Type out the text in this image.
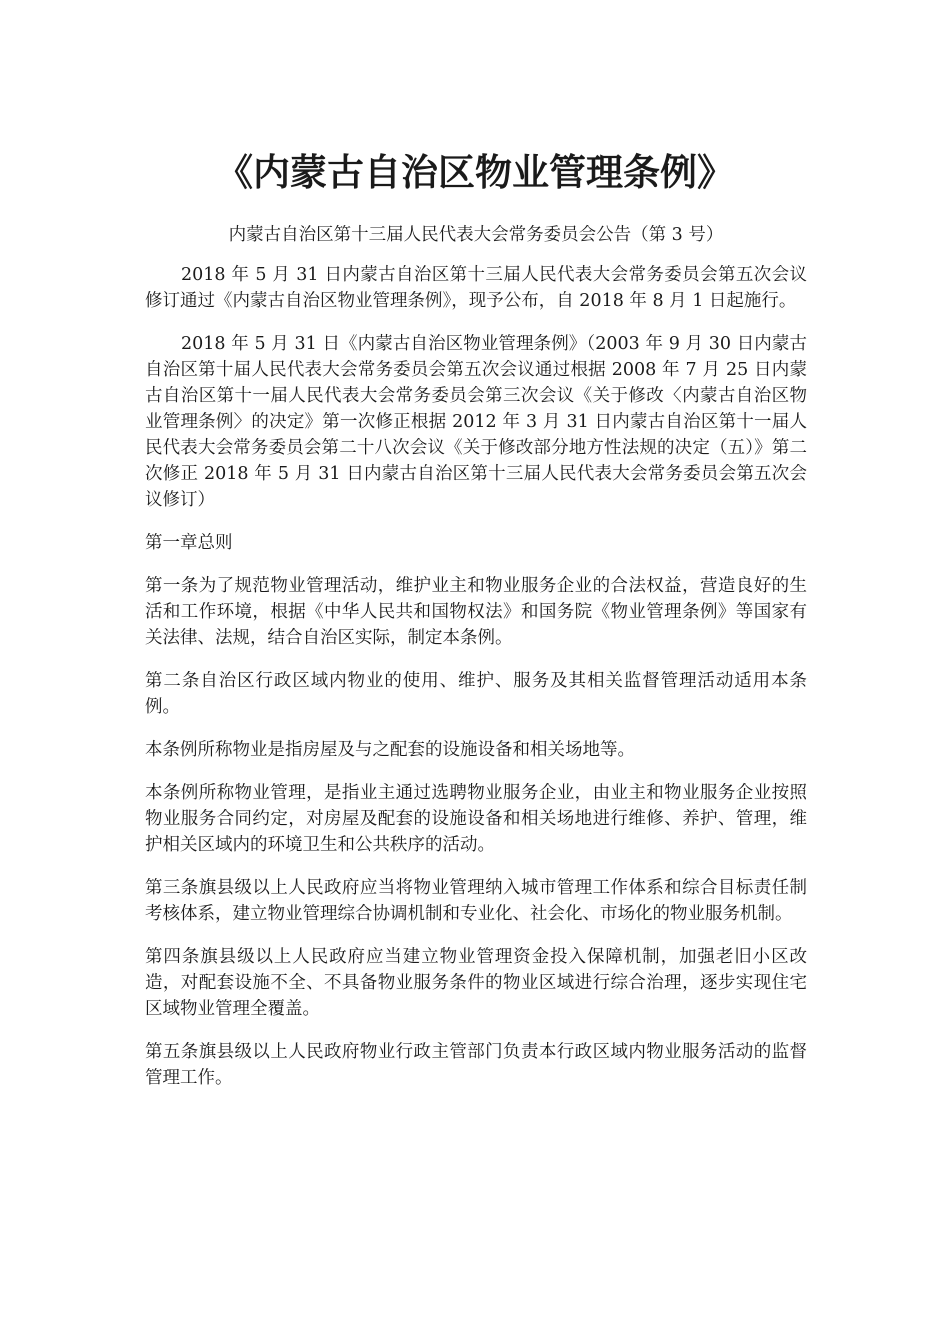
《内蒙古自治区物业管理条例》

内蒙古自治区第十三届人民代表大会常务委员会公告（第 3 号）

2018 年 5 月 31 日内蒙古自治区第十三届人民代表大会常务委员会第五次会议修订通过《内蒙古自治区物业管理条例》，现予公布，自 2018 年 8 月 1 日起施行。

2018 年 5 月 31 日《内蒙古自治区物业管理条例》（2003 年 9 月 30 日内蒙古自治区第十届人民代表大会常务委员会第五次会议通过根据 2008 年 7 月 25 日内蒙古自治区第十一届人民代表大会常务委员会第三次会议《关于修改〈内蒙古自治区物业管理条例〉的决定》第一次修正根据 2012 年 3 月 31 日内蒙古自治区第十一届人民代表大会常务委员会第二十八次会议《关于修改部分地方性法规的决定（五）》第二次修正 2018 年 5 月 31 日内蒙古自治区第十三届人民代表大会常务委员会第五次会议修订）

第一章总则

第一条为了规范物业管理活动，维护业主和物业服务企业的合法权益，营造良好的生活和工作环境，根据《中华人民共和国物权法》和国务院《物业管理条例》等国家有关法律、法规，结合自治区实际，制定本条例。

第二条自治区行政区域内物业的使用、维护、服务及其相关监督管理活动适用本条例。

本条例所称物业是指房屋及与之配套的设施设备和相关场地等。

本条例所称物业管理，是指业主通过选聘物业服务企业，由业主和物业服务企业按照物业服务合同约定，对房屋及配套的设施设备和相关场地进行维修、养护、管理，维护相关区域内的环境卫生和公共秩序的活动。

第三条旗县级以上人民政府应当将物业管理纳入城市管理工作体系和综合目标责任制考核体系，建立物业管理综合协调机制和专业化、社会化、市场化的物业服务机制。

第四条旗县级以上人民政府应当建立物业管理资金投入保障机制，加强老旧小区改造，对配套设施不全、不具备物业服务条件的物业区域进行综合治理，逐步实现住宅区域物业管理全覆盖。

第五条旗县级以上人民政府物业行政主管部门负责本行政区域内物业服务活动的监督管理工作。
